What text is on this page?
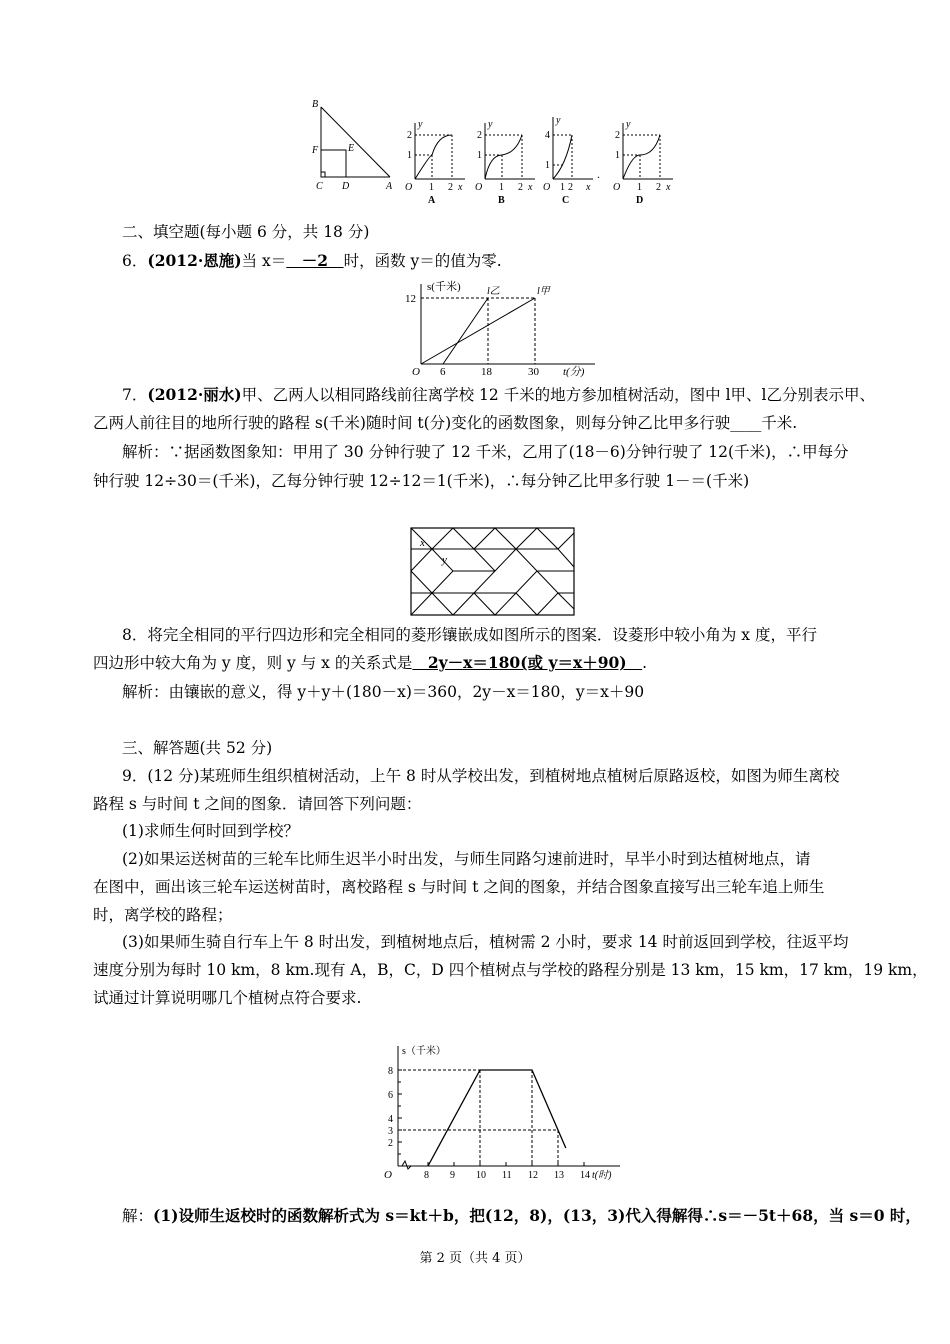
B
F	E
C D	A
2
1
1 2
O	x
y
A
2
1
1 2
O	x
y
B
4
1
1 2
O	x
y
C
.
2
1
1 2
O	x
y
D
二、填空题(每小题 6 分，共 18 分)
6．(2012·恩施)当 x＝　－2　时，函数 y＝的值为零.
s(千米)
12
l乙	l甲
O 6	18	30 t(分)
7．(2012·丽水)甲、乙两人以相同路线前往离学校 12 千米的地方参加植树活动，图中 l甲、l乙分别表示甲、
乙两人前往目的地所行驶的路程 s(千米)随时间 t(分)变化的函数图象，则每分钟乙比甲多行驶____千米.
解析：∵据函数图象知：甲用了 30 分钟行驶了 12 千米，乙用了(18－6)分钟行驶了 12(千米)，∴甲每分
钟行驶 12÷30＝(千米)，乙每分钟行驶 12÷12＝1(千米)，∴每分钟乙比甲多行驶 1－＝(千米)
x
y
8．将完全相同的平行四边形和完全相同的菱形镶嵌成如图所示的图案．设菱形中较小角为 x 度，平行
四边形中较大角为 y 度，则 y 与 x 的关系式是　2y－x＝180(或 y＝x＋90)　.
解析：由镶嵌的意义，得 y＋y＋(180－x)＝360，2y－x＝180，y＝x＋90
三、解答题(共 52 分)
9．(12 分)某班师生组织植树活动，上午 8 时从学校出发，到植树地点植树后原路返校，如图为师生离校
路程 s 与时间 t 之间的图象．请回答下列问题：
(1)求师生何时回到学校？
(2)如果运送树苗的三轮车比师生迟半小时出发，与师生同路匀速前进时，早半小时到达植树地点，请
在图中，画出该三轮车运送树苗时，离校路程 s 与时间 t 之间的图象，并结合图象直接写出三轮车追上师生
时，离学校的路程；
(3)如果师生骑自行车上午 8 时出发，到植树地点后，植树需 2 小时，要求 14 时前返回到学校，往返平均
速度分别为每时 10 km，8 km.现有 A，B，C，D 四个植树点与学校的路程分别是 13 km，15 km，17 km，19 km，
试通过计算说明哪几个植树点符合要求.
8
6
4
3
2
8 9 10 11 12 13 14
s（千米）
t(时)
O
解：(1)设师生返校时的函数解析式为 s＝kt＋b，把(12，8)，(13，3)代入得解得∴s＝－5t＋68，当 s＝0 时，
第 2 页（共 4 页）
